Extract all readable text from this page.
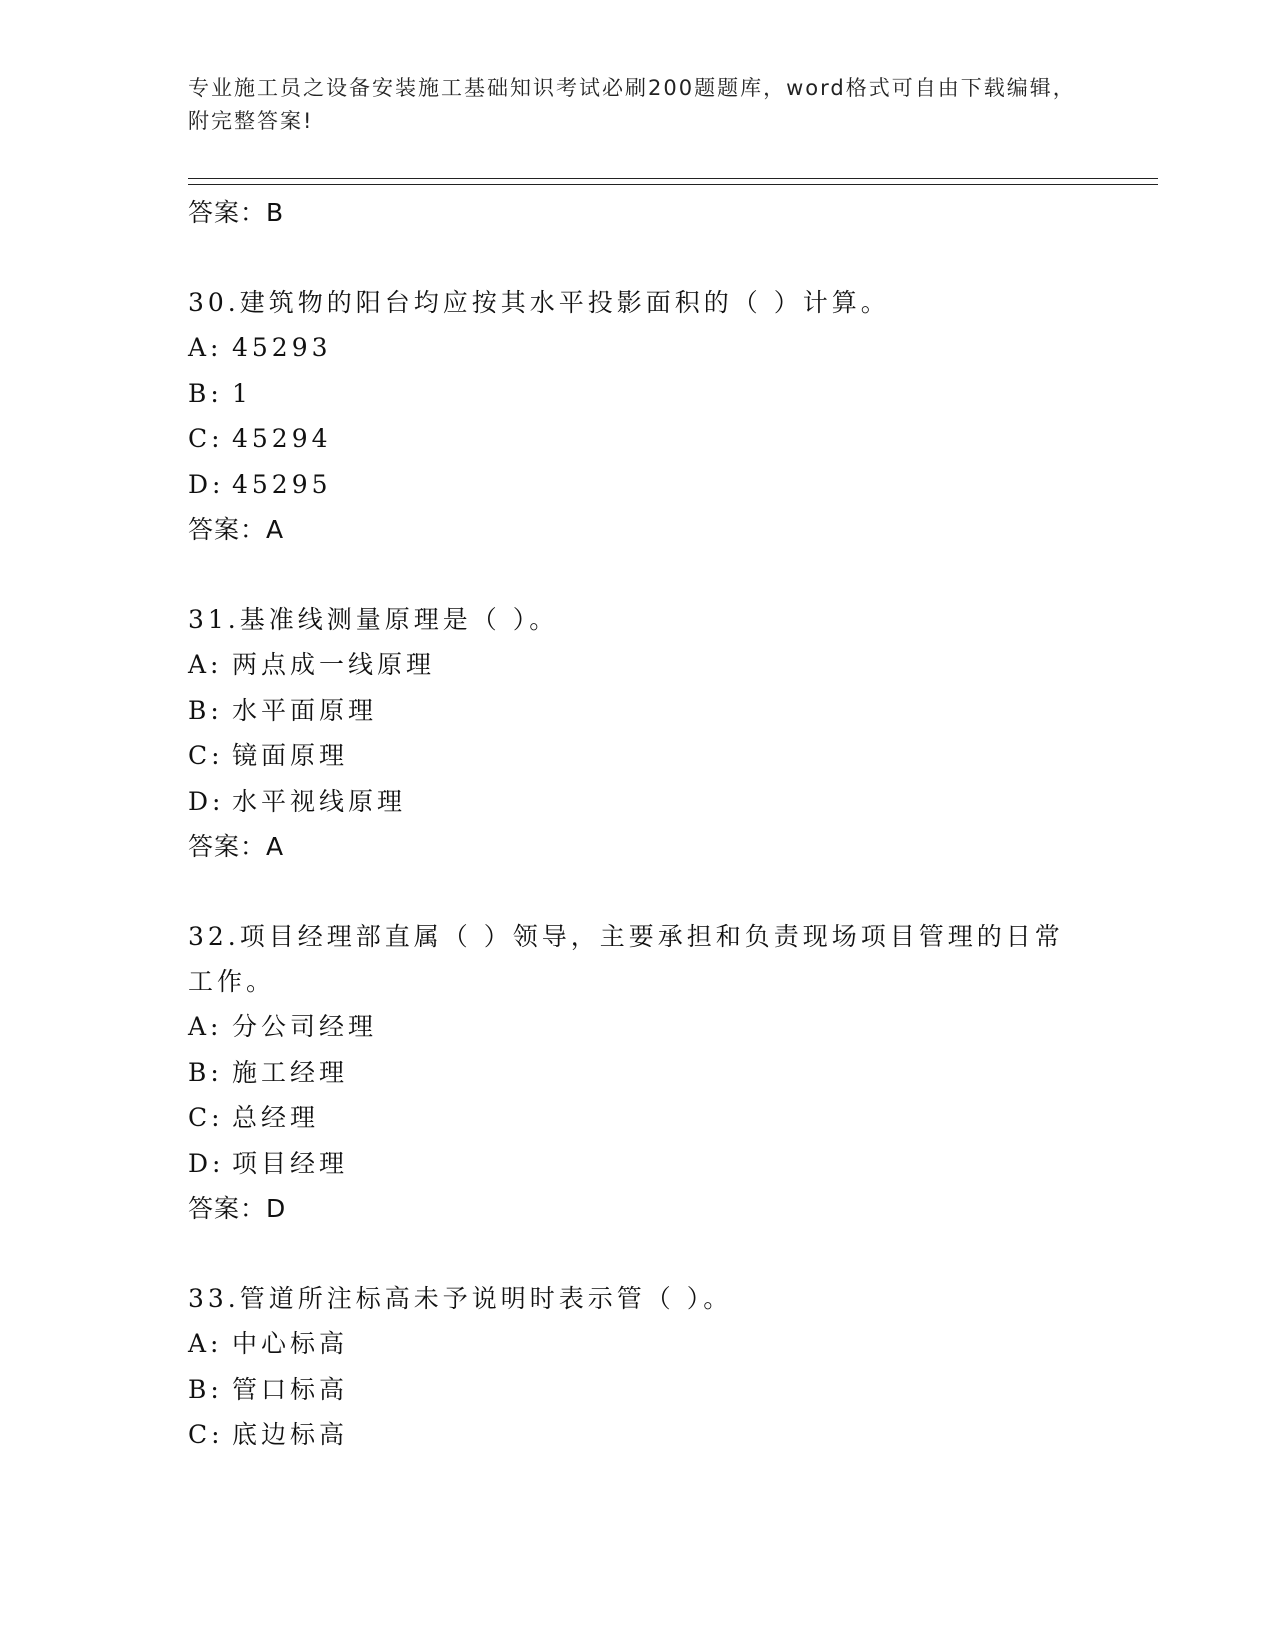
专业施工员之设备安装施工基础知识考试必刷200题题库，word格式可自由下载编辑，附完整答案!
答案：B
30.建筑物的阳台均应按其水平投影面积的（ ）计算。
A: 45293
B: 1
C: 45294
D: 45295
答案：A
31.基准线测量原理是（ ）。
A: 两点成一线原理
B: 水平面原理
C: 镜面原理
D: 水平视线原理
答案：A
32.项目经理部直属（ ）领导，主要承担和负责现场项目管理的日常工作。
A: 分公司经理
B: 施工经理
C: 总经理
D: 项目经理
答案：D
33.管道所注标高未予说明时表示管（ ）。
A: 中心标高
B: 管口标高
C: 底边标高
